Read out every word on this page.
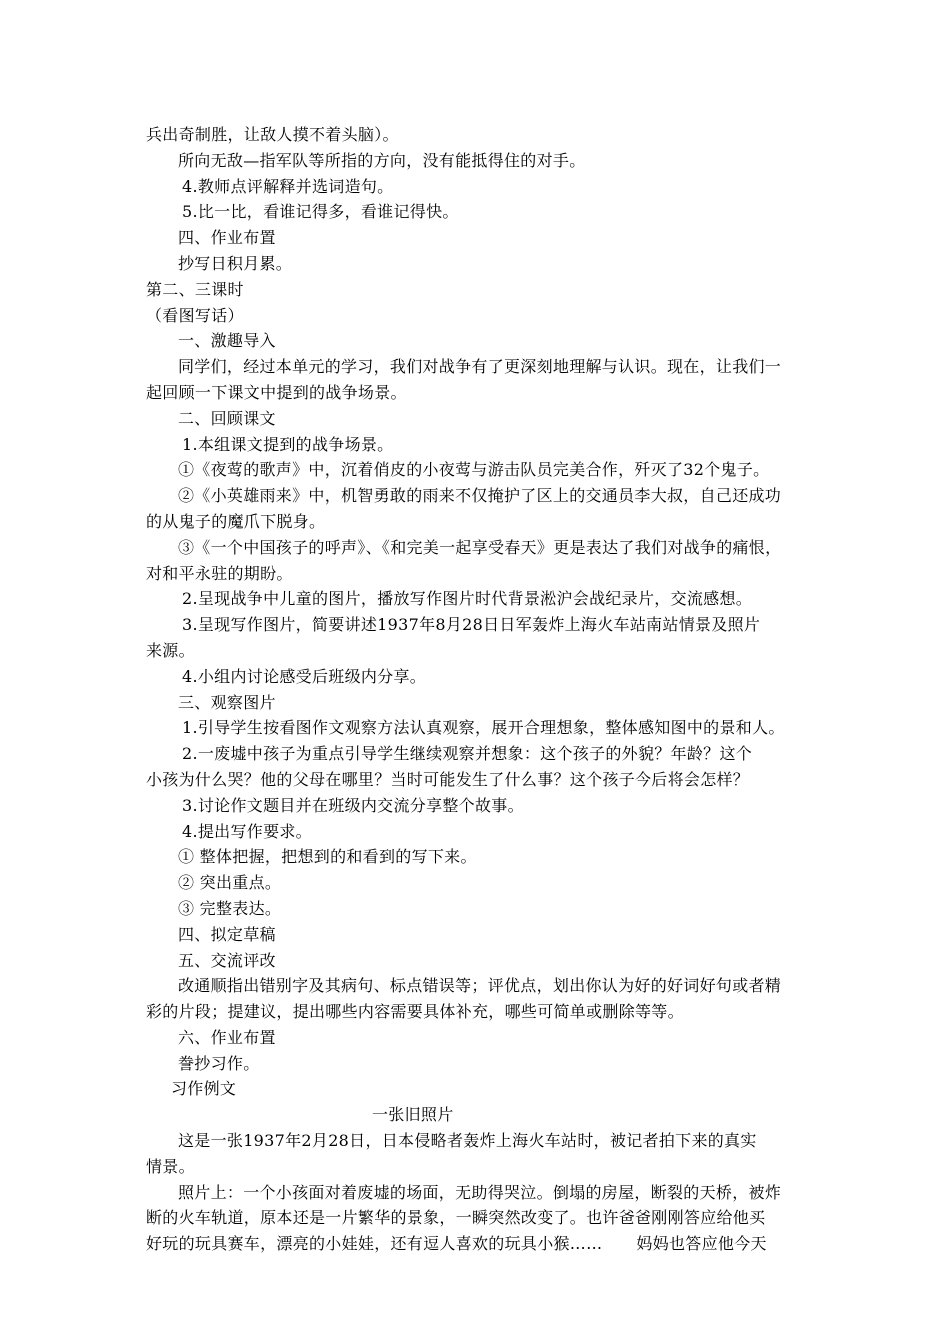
兵出奇制胜，让敌人摸不着头脑）。
所向无敌—指军队等所指的方向，没有能抵得住的对手。
4.教师点评解释并选词造句。
5.比一比，看谁记得多，看谁记得快。
四、作业布置
抄写日积月累。
第二、三课时
（看图写话）
一、激趣导入
同学们，经过本单元的学习，我们对战争有了更深刻地理解与认识。现在，让我们一
起回顾一下课文中提到的战争场景。
二、回顾课文
1.本组课文提到的战争场景。
①《夜莺的歌声》中，沉着俏皮的小夜莺与游击队员完美合作，歼灭了32个鬼子。
②《小英雄雨来》中，机智勇敢的雨来不仅掩护了区上的交通员李大叔，自己还成功
的从鬼子的魔爪下脱身。
③《一个中国孩子的呼声》、《和完美一起享受春天》更是表达了我们对战争的痛恨，
对和平永驻的期盼。
2.呈现战争中儿童的图片，播放写作图片时代背景淞沪会战纪录片，交流感想。
3.呈现写作图片，简要讲述1937年8月28日日军轰炸上海火车站南站情景及照片
来源。
4.小组内讨论感受后班级内分享。
三、观察图片
1.引导学生按看图作文观察方法认真观察，展开合理想象，整体感知图中的景和人。
2.一废墟中孩子为重点引导学生继续观察并想象：这个孩子的外貌？年龄？这个
小孩为什么哭？他的父母在哪里？当时可能发生了什么事？这个孩子今后将会怎样？
3.讨论作文题目并在班级内交流分享整个故事。
4.提出写作要求。
① 整体把握，把想到的和看到的写下来。
② 突出重点。
③ 完整表达。
四、拟定草稿
五、交流评改
改通顺指出错别字及其病句、标点错误等；评优点，划出你认为好的好词好句或者精
彩的片段；提建议，提出哪些内容需要具体补充，哪些可简单或删除等等。
六、作业布置
誊抄习作。
习作例文
一张旧照片
这是一张1937年2月28日，日本侵略者轰炸上海火车站时，被记者拍下来的真实
情景。
照片上：一个小孩面对着废墟的场面，无助得哭泣。倒塌的房屋，断裂的天桥，被炸
断的火车轨道，原本还是一片繁华的景象，一瞬突然改变了。也许爸爸刚刚答应给他买
好玩的玩具赛车，漂亮的小娃娃，还有逗人喜欢的玩具小猴…… 妈妈也答应他今天
